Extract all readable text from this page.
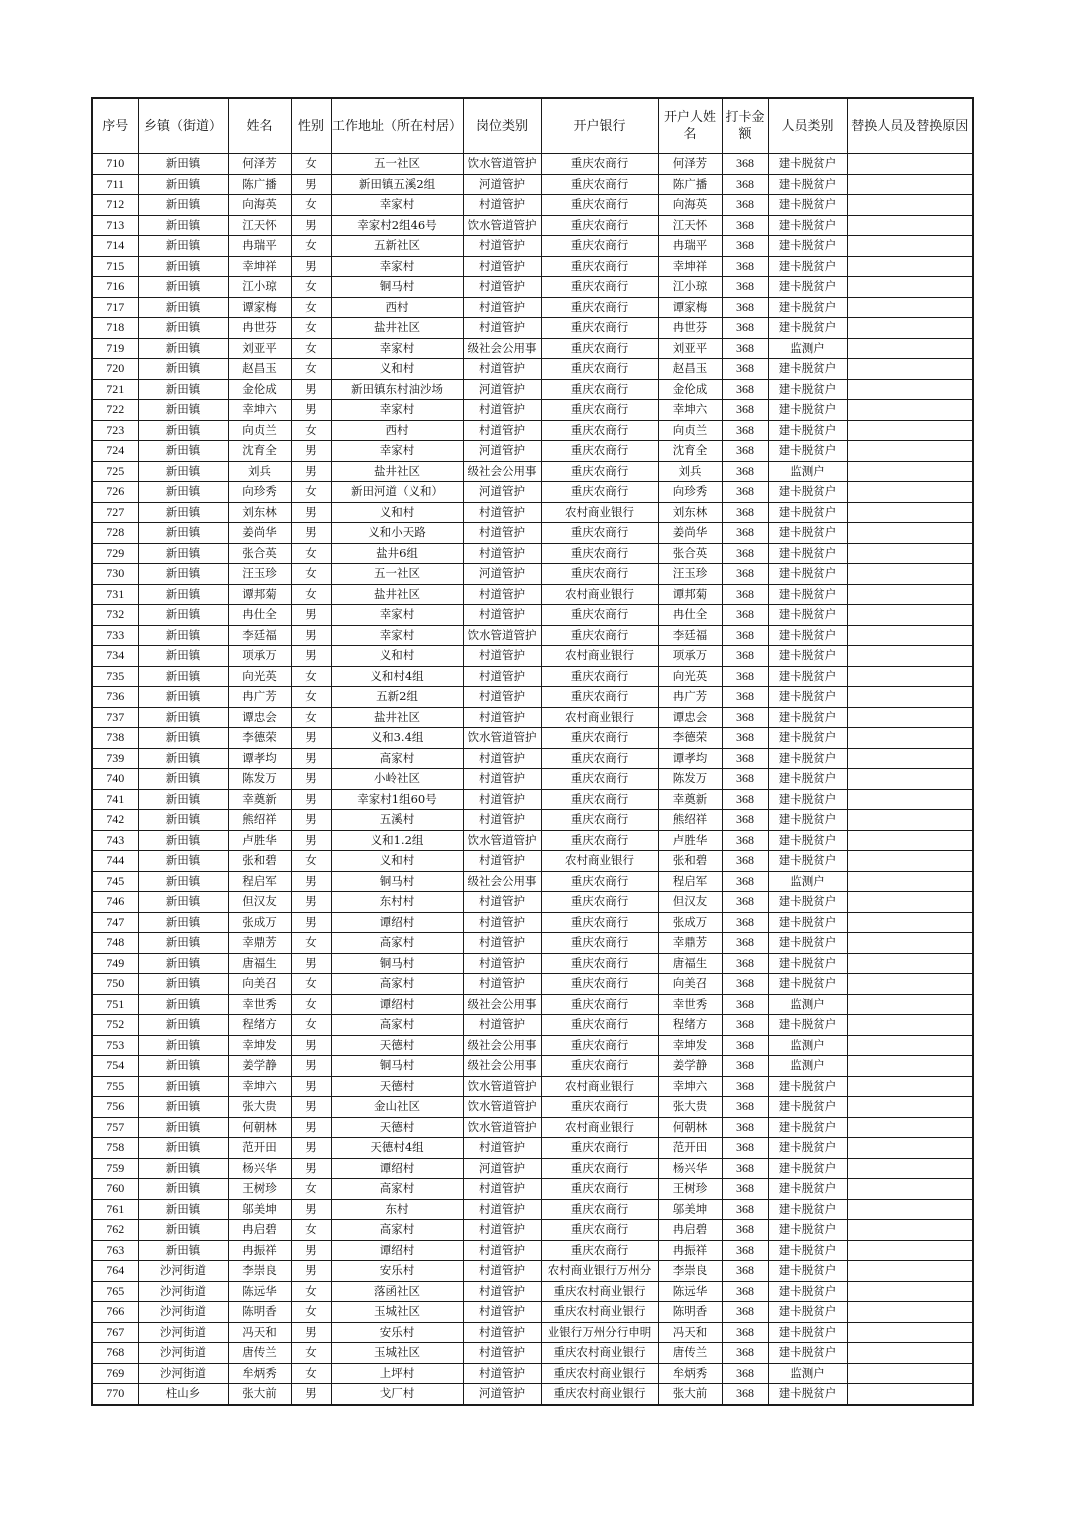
序号	乡镇（街道）	姓名	性别	工作地址（所在村居）	岗位类别	开户银行	开户人姓名	打卡金额	人员类别	替换人员及替换原因
710	新田镇	何泽芳	女	五一社区	饮水管道管护	重庆农商行	何泽芳	368	建卡脱贫户	
711	新田镇	陈广播	男	新田镇五溪2组	河道管护	重庆农商行	陈广播	368	建卡脱贫户	
712	新田镇	向海英	女	幸家村	村道管护	重庆农商行	向海英	368	建卡脱贫户	
713	新田镇	江天怀	男	幸家村2组46号	饮水管道管护	重庆农商行	江天怀	368	建卡脱贫户	
714	新田镇	冉瑞平	女	五新社区	村道管护	重庆农商行	冉瑞平	368	建卡脱贫户	
715	新田镇	幸坤祥	男	幸家村	村道管护	重庆农商行	幸坤祥	368	建卡脱贫户	
716	新田镇	江小琼	女	铜马村	村道管护	重庆农商行	江小琼	368	建卡脱贫户	
717	新田镇	谭家梅	女	西村	村道管护	重庆农商行	谭家梅	368	建卡脱贫户	
718	新田镇	冉世芬	女	盐井社区	村道管护	重庆农商行	冉世芬	368	建卡脱贫户	
719	新田镇	刘亚平	女	幸家村	级社会公用事	重庆农商行	刘亚平	368	监测户	
720	新田镇	赵昌玉	女	义和村	村道管护	重庆农商行	赵昌玉	368	建卡脱贫户	
721	新田镇	金伦成	男	新田镇东村油沙场	河道管护	重庆农商行	金伦成	368	建卡脱贫户	
722	新田镇	幸坤六	男	幸家村	村道管护	重庆农商行	幸坤六	368	建卡脱贫户	
723	新田镇	向贞兰	女	西村	村道管护	重庆农商行	向贞兰	368	建卡脱贫户	
724	新田镇	沈育全	男	幸家村	河道管护	重庆农商行	沈育全	368	建卡脱贫户	
725	新田镇	刘兵	男	盐井社区	级社会公用事	重庆农商行	刘兵	368	监测户	
726	新田镇	向珍秀	女	新田河道（义和）	河道管护	重庆农商行	向珍秀	368	建卡脱贫户	
727	新田镇	刘东林	男	义和村	村道管护	农村商业银行	刘东林	368	建卡脱贫户	
728	新田镇	姜尚华	男	义和小天路	村道管护	重庆农商行	姜尚华	368	建卡脱贫户	
729	新田镇	张合英	女	盐井6组	村道管护	重庆农商行	张合英	368	建卡脱贫户	
730	新田镇	汪玉珍	女	五一社区	河道管护	重庆农商行	汪玉珍	368	建卡脱贫户	
731	新田镇	谭邦菊	女	盐井社区	村道管护	农村商业银行	谭邦菊	368	建卡脱贫户	
732	新田镇	冉仕全	男	幸家村	村道管护	重庆农商行	冉仕全	368	建卡脱贫户	
733	新田镇	李廷福	男	幸家村	饮水管道管护	重庆农商行	李廷福	368	建卡脱贫户	
734	新田镇	项承万	男	义和村	村道管护	农村商业银行	项承万	368	建卡脱贫户	
735	新田镇	向光英	女	义和村4组	村道管护	重庆农商行	向光英	368	建卡脱贫户	
736	新田镇	冉广芳	女	五新2组	村道管护	重庆农商行	冉广芳	368	建卡脱贫户	
737	新田镇	谭忠会	女	盐井社区	村道管护	农村商业银行	谭忠会	368	建卡脱贫户	
738	新田镇	李德荣	男	义和3.4组	饮水管道管护	重庆农商行	李德荣	368	建卡脱贫户	
739	新田镇	谭孝均	男	高家村	村道管护	重庆农商行	谭孝均	368	建卡脱贫户	
740	新田镇	陈发万	男	小岭社区	村道管护	重庆农商行	陈发万	368	建卡脱贫户	
741	新田镇	幸奠新	男	幸家村1组60号	村道管护	重庆农商行	幸奠新	368	建卡脱贫户	
742	新田镇	熊绍祥	男	五溪村	村道管护	重庆农商行	熊绍祥	368	建卡脱贫户	
743	新田镇	卢胜华	男	义和1.2组	饮水管道管护	重庆农商行	卢胜华	368	建卡脱贫户	
744	新田镇	张和碧	女	义和村	村道管护	农村商业银行	张和碧	368	建卡脱贫户	
745	新田镇	程启军	男	铜马村	级社会公用事	重庆农商行	程启军	368	监测户	
746	新田镇	但汉友	男	东村村	村道管护	重庆农商行	但汉友	368	建卡脱贫户	
747	新田镇	张成万	男	谭绍村	村道管护	重庆农商行	张成万	368	建卡脱贫户	
748	新田镇	幸鼎芳	女	高家村	村道管护	重庆农商行	幸鼎芳	368	建卡脱贫户	
749	新田镇	唐福生	男	铜马村	村道管护	重庆农商行	唐福生	368	建卡脱贫户	
750	新田镇	向美召	女	高家村	村道管护	重庆农商行	向美召	368	建卡脱贫户	
751	新田镇	幸世秀	女	谭绍村	级社会公用事	重庆农商行	幸世秀	368	监测户	
752	新田镇	程绪方	女	高家村	村道管护	重庆农商行	程绪方	368	建卡脱贫户	
753	新田镇	幸坤发	男	天德村	级社会公用事	重庆农商行	幸坤发	368	监测户	
754	新田镇	姜学静	男	铜马村	级社会公用事	重庆农商行	姜学静	368	监测户	
755	新田镇	幸坤六	男	天德村	饮水管道管护	农村商业银行	幸坤六	368	建卡脱贫户	
756	新田镇	张大贵	男	金山社区	饮水管道管护	重庆农商行	张大贵	368	建卡脱贫户	
757	新田镇	何朝林	男	天德村	饮水管道管护	农村商业银行	何朝林	368	建卡脱贫户	
758	新田镇	范开田	男	天德村4组	村道管护	重庆农商行	范开田	368	建卡脱贫户	
759	新田镇	杨兴华	男	谭绍村	河道管护	重庆农商行	杨兴华	368	建卡脱贫户	
760	新田镇	王树珍	女	高家村	村道管护	重庆农商行	王树珍	368	建卡脱贫户	
761	新田镇	邬美坤	男	东村	村道管护	重庆农商行	邬美坤	368	建卡脱贫户	
762	新田镇	冉启碧	女	高家村	村道管护	重庆农商行	冉启碧	368	建卡脱贫户	
763	新田镇	冉振祥	男	谭绍村	村道管护	重庆农商行	冉振祥	368	建卡脱贫户	
764	沙河街道	李崇良	男	安乐村	村道管护	农村商业银行万州分	李崇良	368	建卡脱贫户	
765	沙河街道	陈远华	女	落函社区	村道管护	重庆农村商业银行	陈远华	368	建卡脱贫户	
766	沙河街道	陈明香	女	玉城社区	村道管护	重庆农村商业银行	陈明香	368	建卡脱贫户	
767	沙河街道	冯天和	男	安乐村	村道管护	业银行万州分行申明	冯天和	368	建卡脱贫户	
768	沙河街道	唐传兰	女	玉城社区	村道管护	重庆农村商业银行	唐传兰	368	建卡脱贫户	
769	沙河街道	牟炳秀	女	上坪村	村道管护	重庆农村商业银行	牟炳秀	368	监测户	
770	柱山乡	张大前	男	戈厂村	河道管护	重庆农村商业银行	张大前	368	建卡脱贫户	
